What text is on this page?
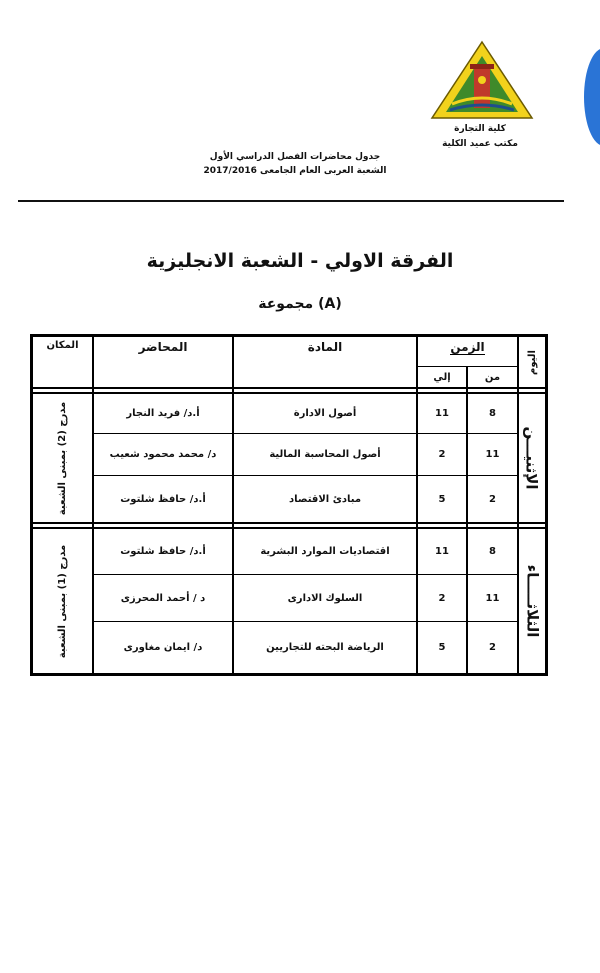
كلية التجارة
مكتب عميد الكلية
جدول محاضرات الفصل الدراسي الأول
الشعبة العربى العام الجامعى 2017/2016
الفرقة الاولي - الشعبة الانجليزية
مجموعة (A)
اليوم
الزمن
من
إلي
المادة
المحاضر
المكان
الإثنيـــن
مدرج (2) بمبنى الشعبة	8
11
أصول الادارة
أ.د/ فريد النجار
11
2
أصول المحاسبة المالية
د/ محمد محمود شعيب
2
5
مبادئ الاقتصاد
أ.د/ حافظ شلتوت
الثلاثـــــاء
مدرج (1) بمبنى الشعبة	8
11
اقتصاديات الموارد البشرية
أ.د/ حافظ شلتوت
11
2
السلوك الادارى
د / أحمد المحرزى
2
5
الرياضة البحته للتجاريين
د/ ايمان مغاورى
